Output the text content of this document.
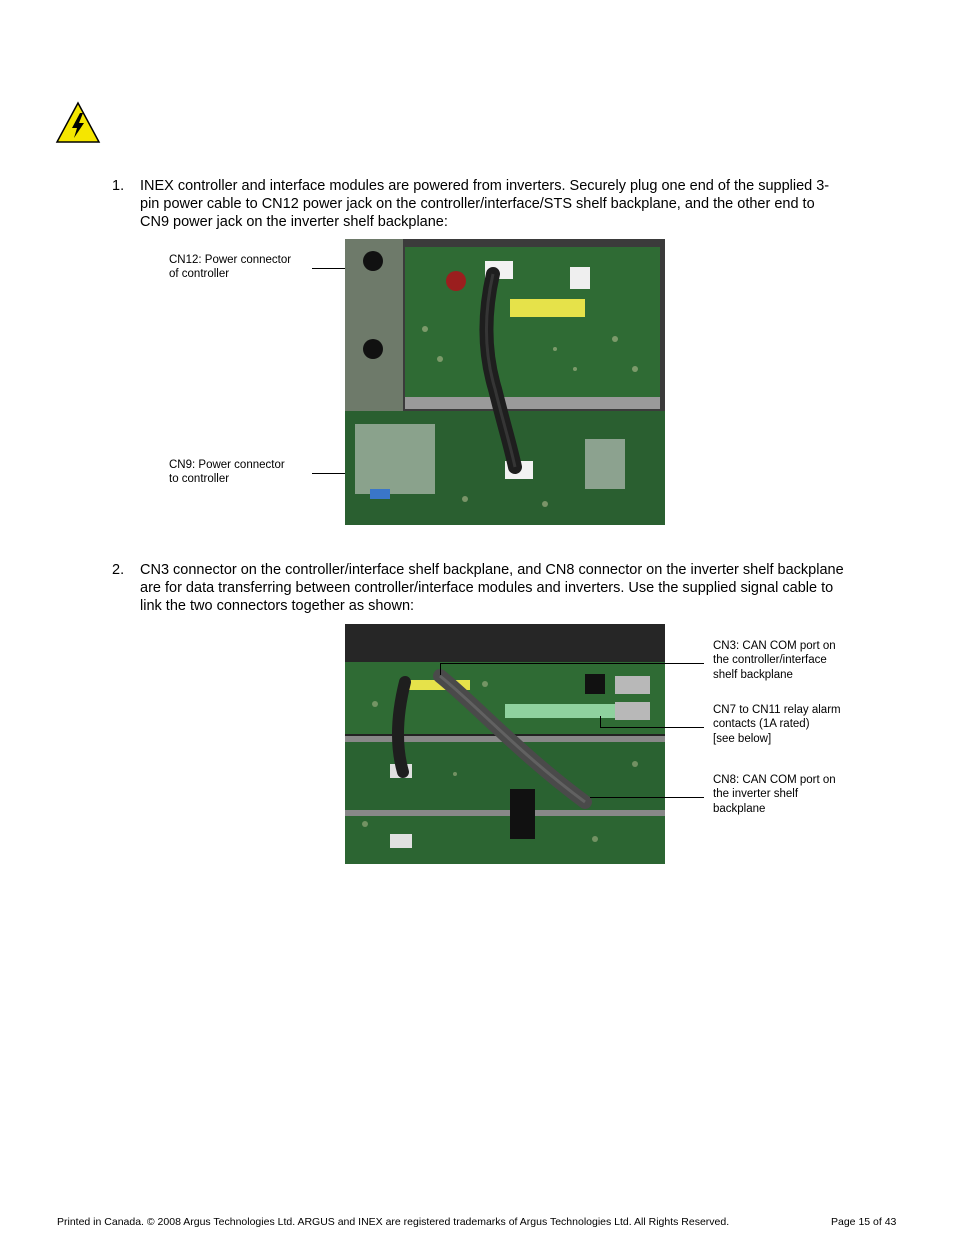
1. INEX controller and interface modules are powered from inverters. Securely plug one end of the supplied 3-
pin power cable to CN12 power jack on the controller/interface/STS shelf backplane, and the other end to
CN9 power jack on the inverter shelf backplane:
CN12: Power connector
of controller
CN9: Power connector
to controller
2. CN3 connector on the controller/interface shelf backplane, and CN8 connector on the inverter shelf backplane
are for data transferring between controller/interface modules and inverters. Use the supplied signal cable to
link the two connectors together as shown:
CN3: CAN COM port on
the controller/interface
shelf backplane
CN7 to CN11 relay alarm
contacts (1A rated)
[see below]
CN8: CAN COM port on
the inverter shelf
backplane
Printed in Canada. © 2008 Argus Technologies Ltd. ARGUS and INEX are registered trademarks of Argus Technologies Ltd. All Rights Reserved.	Page 15 of 43
